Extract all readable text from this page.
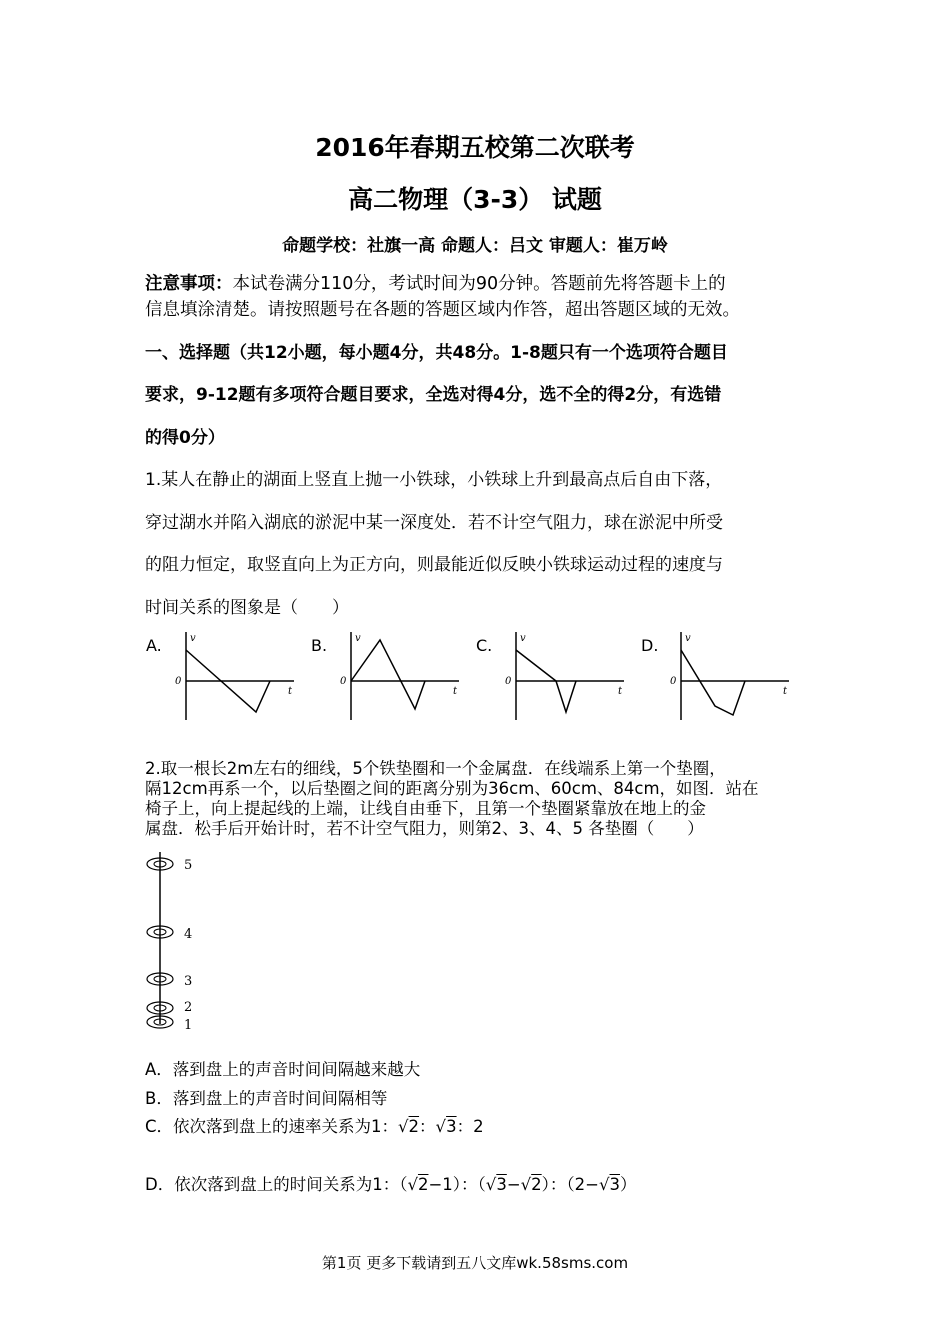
2016年春期五校第二次联考
高二物理（3-3） 试题
命题学校：社旗一高 命题人：吕文 审题人：崔万岭
注意事项：本试卷满分110分，考试时间为90分钟。答题前先将答题卡上的
信息填涂清楚。请按照题号在各题的答题区域内作答，超出答题区域的无效。
一、选择题（共12小题，每小题4分，共48分。1-8题只有一个选项符合题目
要求，9-12题有多项符合题目要求，全选对得4分，选不全的得2分，有选错
的得0分）
1.某人在静止的湖面上竖直上抛一小铁球，小铁球上升到最高点后自由下落，
穿过湖水并陷入湖底的淤泥中某一深度处．若不计空气阻力，球在淤泥中所受
的阻力恒定，取竖直向上为正方向，则最能近似反映小铁球运动过程的速度与
时间关系的图象是（　　）
A.	B.	C.	D.
v
0
t
v
0
t
v
0
t
v
0
t
2.取一根长2m左右的细线，5个铁垫圈和一个金属盘．在线端系上第一个垫圈，
隔12cm再系一个，以后垫圈之间的距离分别为36cm、60cm、84cm，如图．站在
椅子上，向上提起线的上端，让线自由垂下，且第一个垫圈紧靠放在地上的金
属盘．松手后开始计时，若不计空气阻力，则第2、3、4、5 各垫圈（　　）
5
4
3
2
1
A．落到盘上的声音时间间隔越来越大
B．落到盘上的声音时间间隔相等
C．依次落到盘上的速率关系为1：√2：√3：2
D．依次落到盘上的时间关系为1：（√2−1）：（√3−√2）：（2−√3）
第1页 更多下载请到五八文库wk.58sms.com
